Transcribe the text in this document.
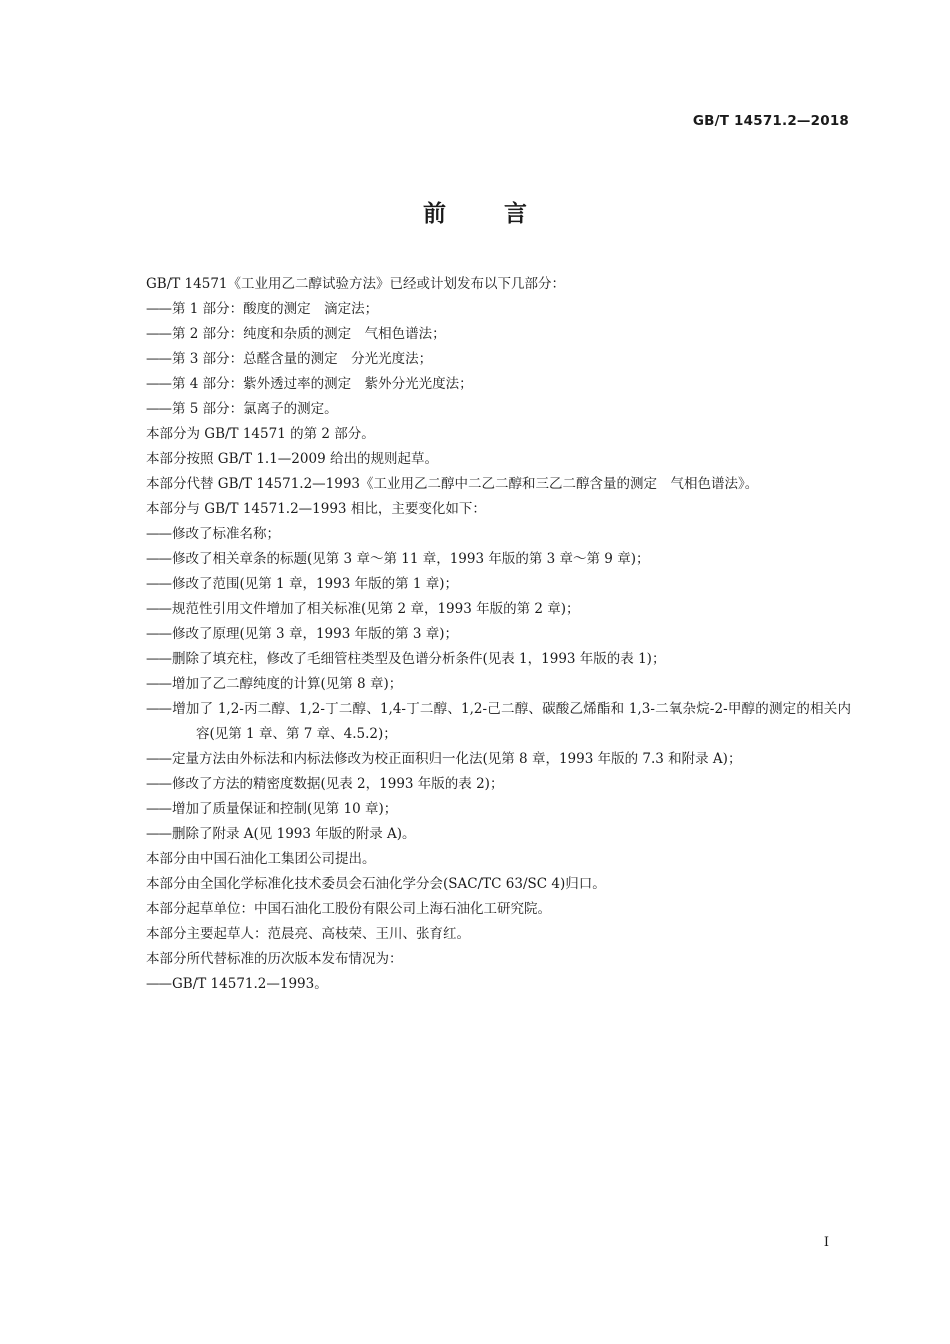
GB/T 14571.2—2018
前言
GB/T 14571《工业用乙二醇试验方法》已经或计划发布以下几部分：
—— 第 1 部分：酸度的测定　滴定法；
—— 第 2 部分：纯度和杂质的测定　气相色谱法；
—— 第 3 部分：总醛含量的测定　分光光度法；
—— 第 4 部分：紫外透过率的测定　紫外分光光度法；
—— 第 5 部分：氯离子的测定。
本部分为 GB/T 14571 的第 2 部分。
本部分按照 GB/T 1.1—2009 给出的规则起草。
本部分代替 GB/T 14571.2—1993《工业用乙二醇中二乙二醇和三乙二醇含量的测定　气相色谱法》。
本部分与 GB/T 14571.2—1993 相比，主要变化如下：
—— 修改了标准名称；
—— 修改了相关章条的标题(见第 3 章～第 11 章，1993 年版的第 3 章～第 9 章)；
—— 修改了范围(见第 1 章，1993 年版的第 1 章)；
—— 规范性引用文件增加了相关标准(见第 2 章，1993 年版的第 2 章)；
—— 修改了原理(见第 3 章，1993 年版的第 3 章)；
—— 删除了填充柱，修改了毛细管柱类型及色谱分析条件(见表 1，1993 年版的表 1)；
—— 增加了乙二醇纯度的计算(见第 8 章)；
—— 增加了 1,2-丙二醇、1,2-丁二醇、1,4-丁二醇、1,2-己二醇、碳酸乙烯酯和 1,3-二氧杂烷-2-甲醇的测定的相关内容(见第 1 章、第 7 章、4.5.2)；
—— 定量方法由外标法和内标法修改为校正面积归一化法(见第 8 章，1993 年版的 7.3 和附录 A)；
—— 修改了方法的精密度数据(见表 2，1993 年版的表 2)；
—— 增加了质量保证和控制(见第 10 章)；
—— 删除了附录 A(见 1993 年版的附录 A)。
本部分由中国石油化工集团公司提出。
本部分由全国化学标准化技术委员会石油化学分会(SAC/TC 63/SC 4)归口。
本部分起草单位：中国石油化工股份有限公司上海石油化工研究院。
本部分主要起草人：范晨亮、高枝荣、王川、张育红。
本部分所代替标准的历次版本发布情况为：
—— GB/T 14571.2—1993。
I
